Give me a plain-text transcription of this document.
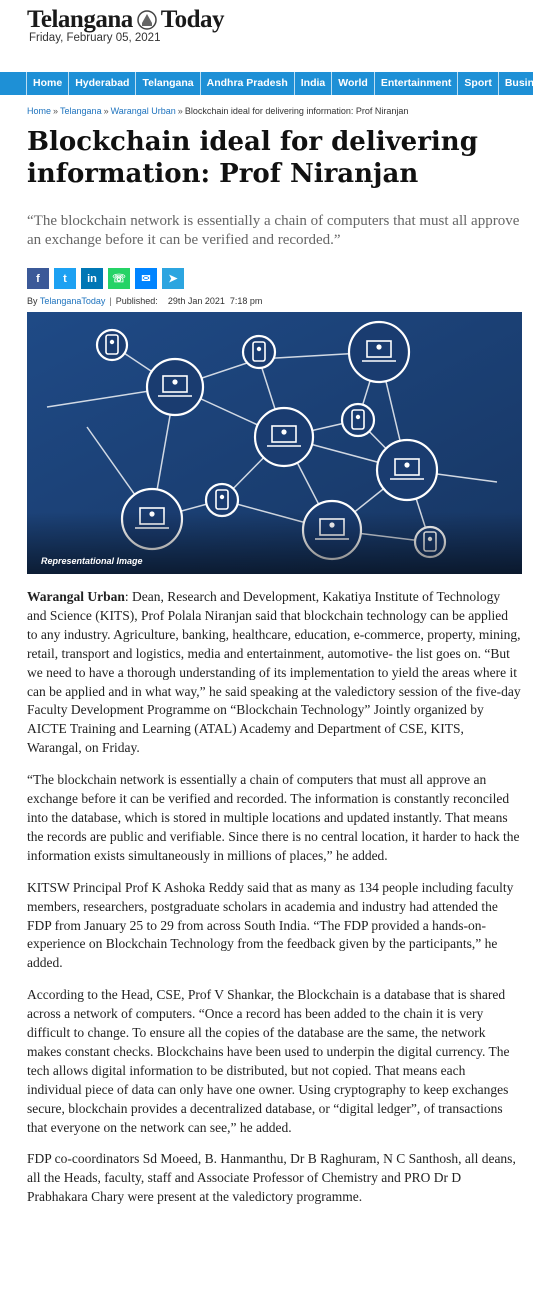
Telangana Today
Friday, February 05, 2021
Home	Hyderabad	Telangana	Andhra Pradesh	India	World	Entertainment	Sport	Business
Home » Telangana » Warangal Urban » Blockchain ideal for delivering information: Prof Niranjan
Blockchain ideal for delivering information: Prof Niranjan

“The blockchain network is essentially a chain of computers that must all approve an exchange before it can be verified and recorded.”

f	t	in	☏	✉	➤
By TelanganaToday | Published: 29th Jan 2021 7:18 pm
Representational Image

Warangal Urban: Dean, Research and Development, Kakatiya Institute of Technology and Science (KITS), Prof Polala Niranjan said that blockchain technology can be applied to any industry. Agriculture, banking, healthcare, education, e-commerce, property, mining, retail, transport and logistics, media and entertainment, automotive- the list goes on. “But we need to have a thorough understanding of its implementation to yield the areas where it can be applied and in what way,” he said speaking at the valedictory session of the five-day Faculty Development Programme on “Blockchain Technology” Jointly organized by AICTE Training and Learning (ATAL) Academy and Department of CSE, KITS, Warangal, on Friday.

“The blockchain network is essentially a chain of computers that must all approve an exchange before it can be verified and recorded. The information is constantly reconciled into the database, which is stored in multiple locations and updated instantly. That means the records are public and verifiable. Since there is no central location, it harder to hack the information exists simultaneously in millions of places,” he added.

KITSW Principal Prof K Ashoka Reddy said that as many as 134 people including faculty members, researchers, postgraduate scholars in academia and industry had attended the FDP from January 25 to 29 from across South India. “The FDP provided a hands-on-experience on Blockchain Technology from the feedback given by the participants,” he added.

According to the Head, CSE, Prof V Shankar, the Blockchain is a database that is shared across a network of computers. “Once a record has been added to the chain it is very difficult to change. To ensure all the copies of the database are the same, the network makes constant checks. Blockchains have been used to underpin the digital currency. The tech allows digital information to be distributed, but not copied. That means each individual piece of data can only have one owner. Using cryptography to keep exchanges secure, blockchain provides a decentralized database, or “digital ledger”, of transactions that everyone on the network can see,” he added.

FDP co-coordinators Sd Moeed, B. Hanmanthu, Dr B Raghuram, N C Santhosh, all deans, all the Heads, faculty, staff and Associate Professor of Chemistry and PRO Dr D Prabhakara Chary were present at the valedictory programme.
